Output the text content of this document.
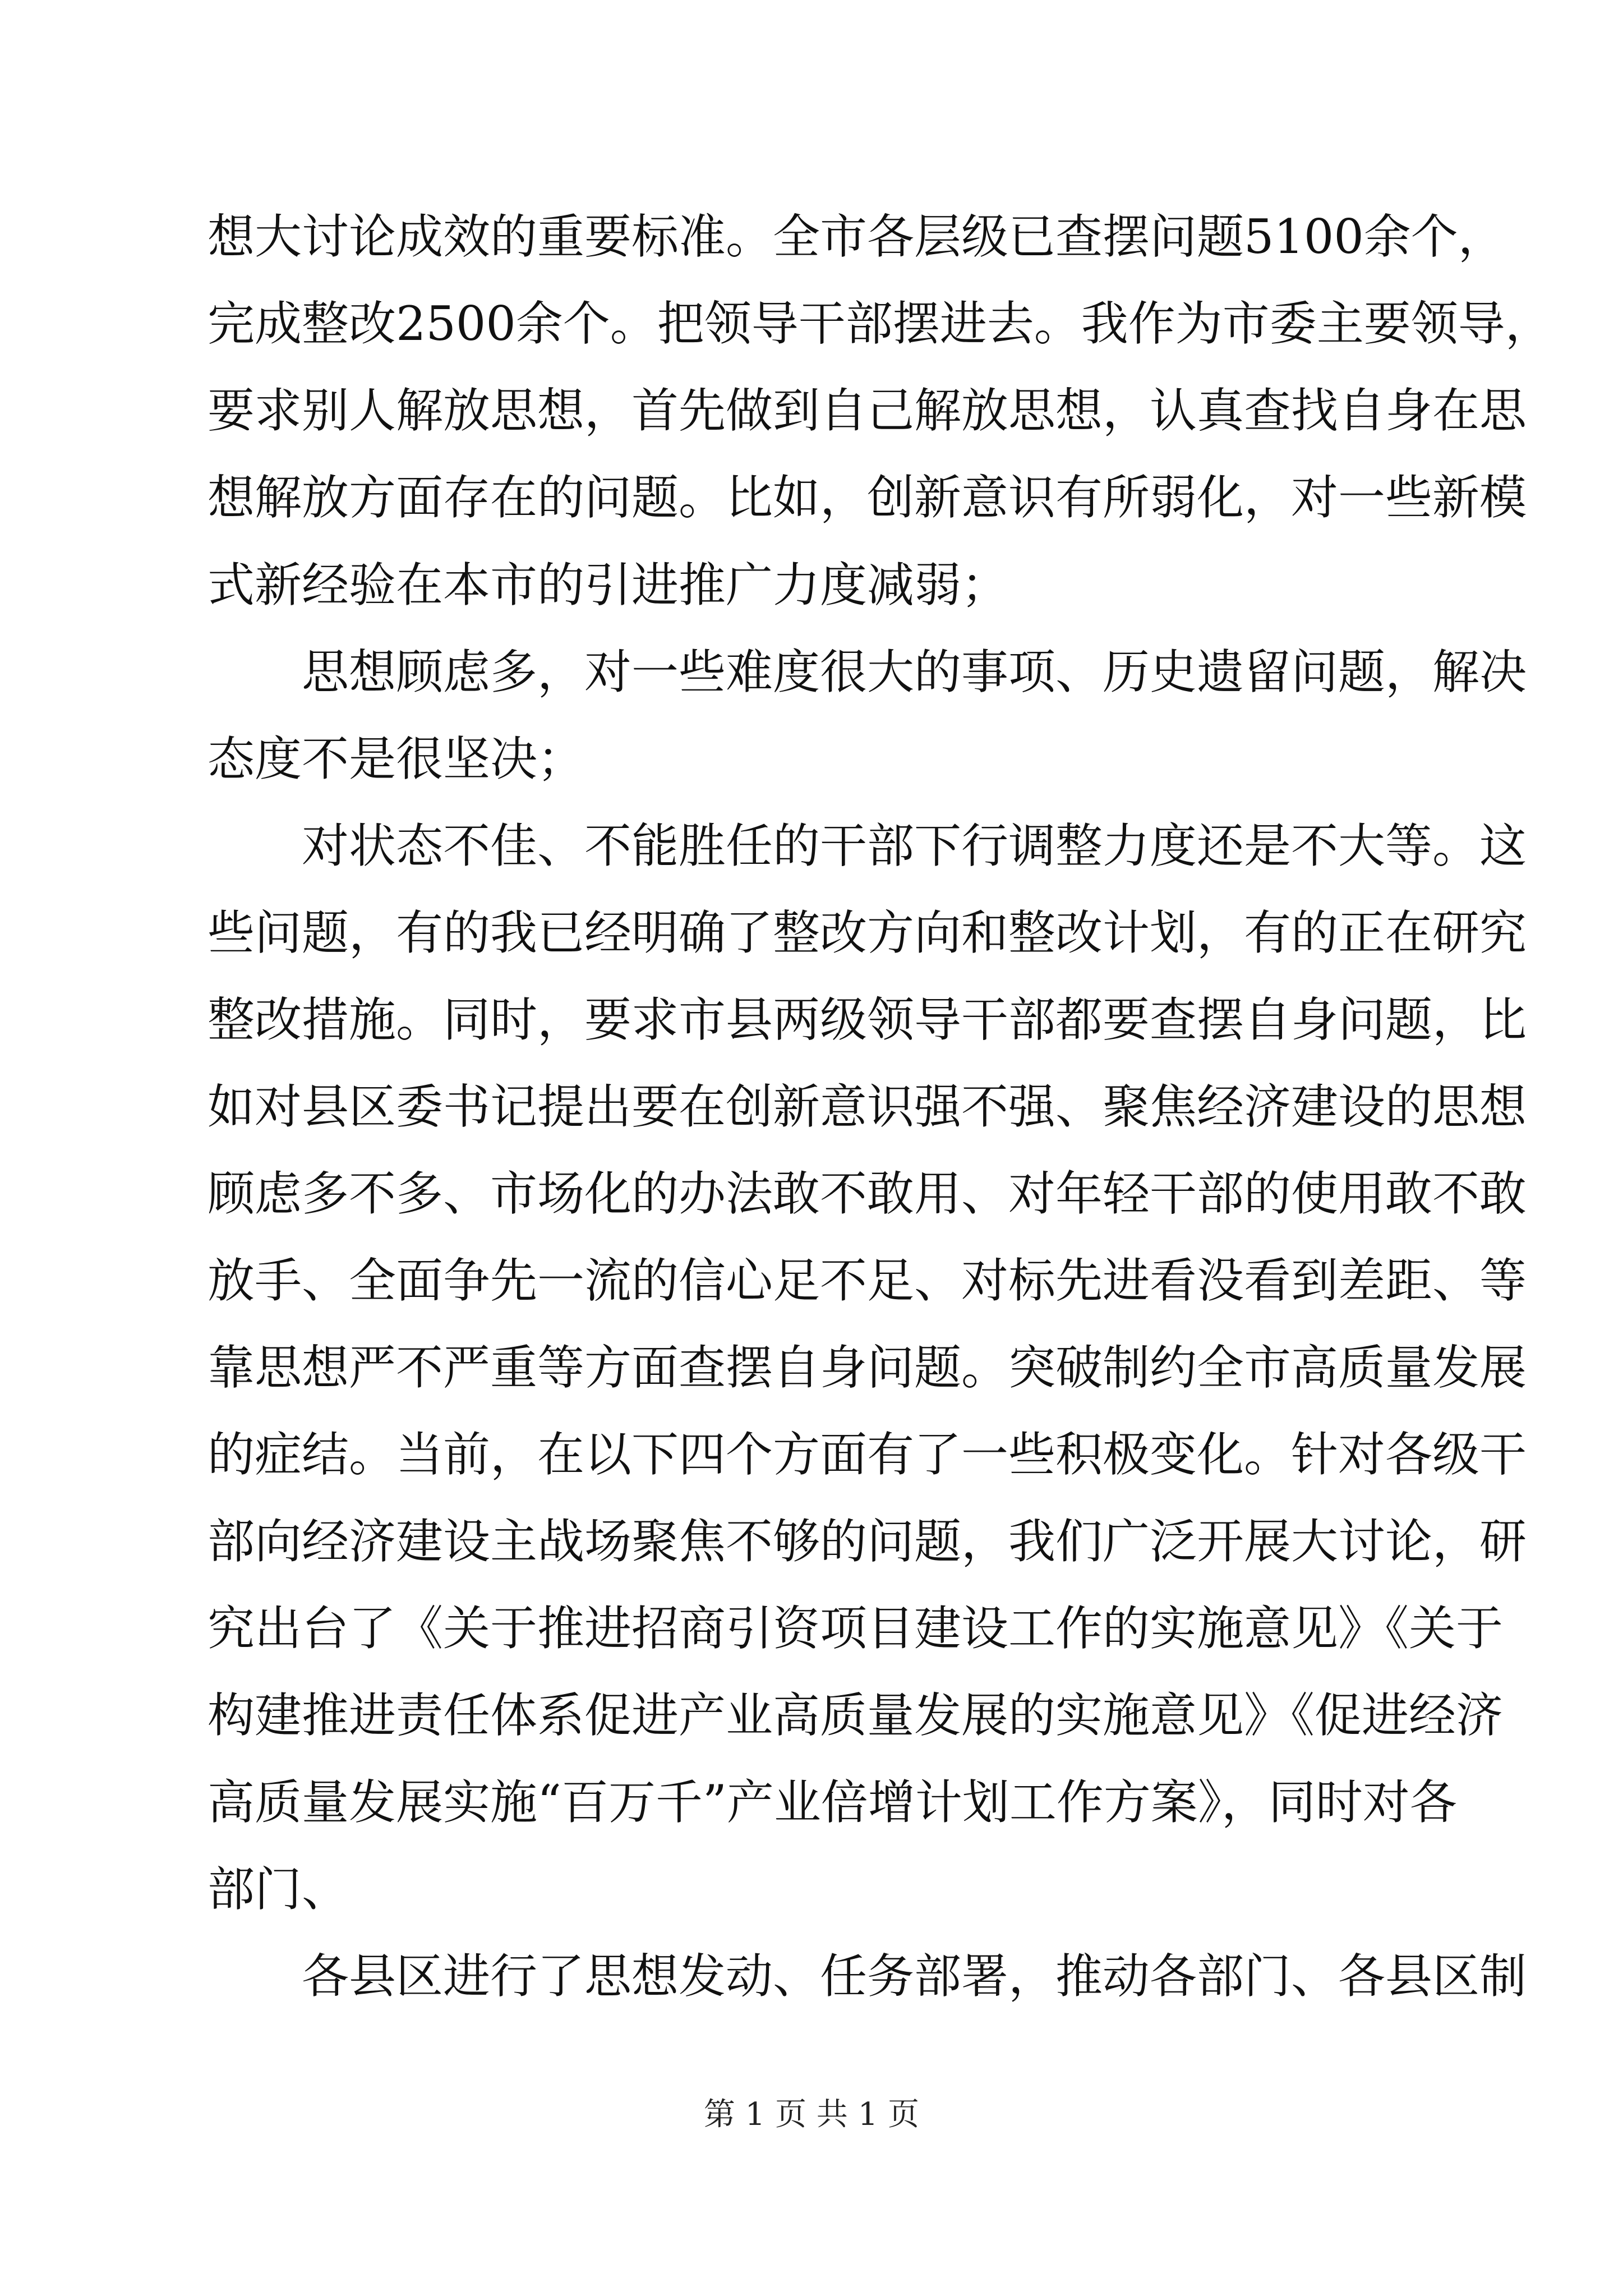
想大讨论成效的重要标准。全市各层级已查摆问题5100余个，
完成整改2500余个。把领导干部摆进去。我作为市委主要领导，
要求别人解放思想，首先做到自己解放思想，认真查找自身在思
想解放方面存在的问题。比如，创新意识有所弱化，对一些新模
式新经验在本市的引进推广力度减弱；
思想顾虑多，对一些难度很大的事项、历史遗留问题，解决
态度不是很坚决；
对状态不佳、不能胜任的干部下行调整力度还是不大等。这
些问题，有的我已经明确了整改方向和整改计划，有的正在研究
整改措施。同时，要求市县两级领导干部都要查摆自身问题，比
如对县区委书记提出要在创新意识强不强、聚焦经济建设的思想
顾虑多不多、市场化的办法敢不敢用、对年轻干部的使用敢不敢
放手、全面争先一流的信心足不足、对标先进看没看到差距、等
靠思想严不严重等方面查摆自身问题。突破制约全市高质量发展
的症结。当前，在以下四个方面有了一些积极变化。针对各级干
部向经济建设主战场聚焦不够的问题，我们广泛开展大讨论，研
究出台了《关于推进招商引资项目建设工作的实施意见》《关于
构建推进责任体系促进产业高质量发展的实施意见》《促进经济
高质量发展实施“百万千”产业倍增计划工作方案》，同时对各
部门、
各县区进行了思想发动、任务部署，推动各部门、各县区制
第 1 页 共 1 页
